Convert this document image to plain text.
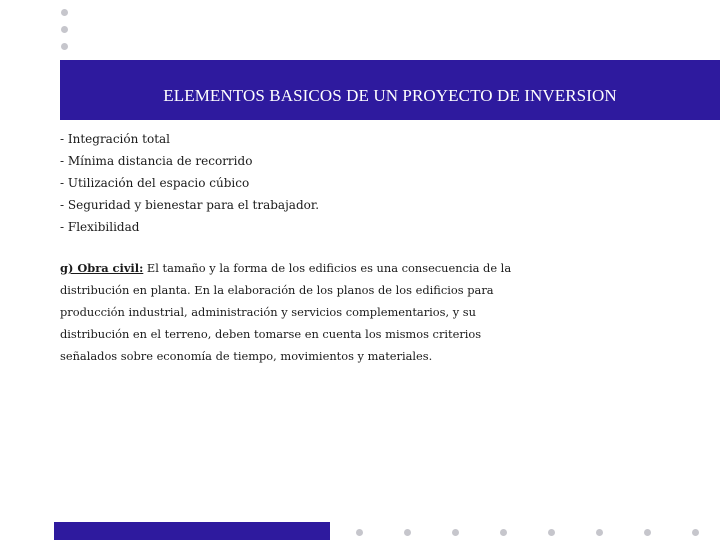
ELEMENTOS BASICOS DE UN PROYECTO DE INVERSION
- Integración total
- Mínima distancia de recorrido
- Utilización del espacio cúbico
- Seguridad y bienestar para el trabajador.
- Flexibilidad
g) Obra civil: El tamaño y la forma de los edificios es una consecuencia de la
distribución en planta. En la elaboración de los planos de los edificios para
producción industrial, administración y servicios complementarios, y su
distribución en el terreno, deben tomarse en cuenta los mismos criterios
señalados sobre economía de tiempo, movimientos y materiales.
